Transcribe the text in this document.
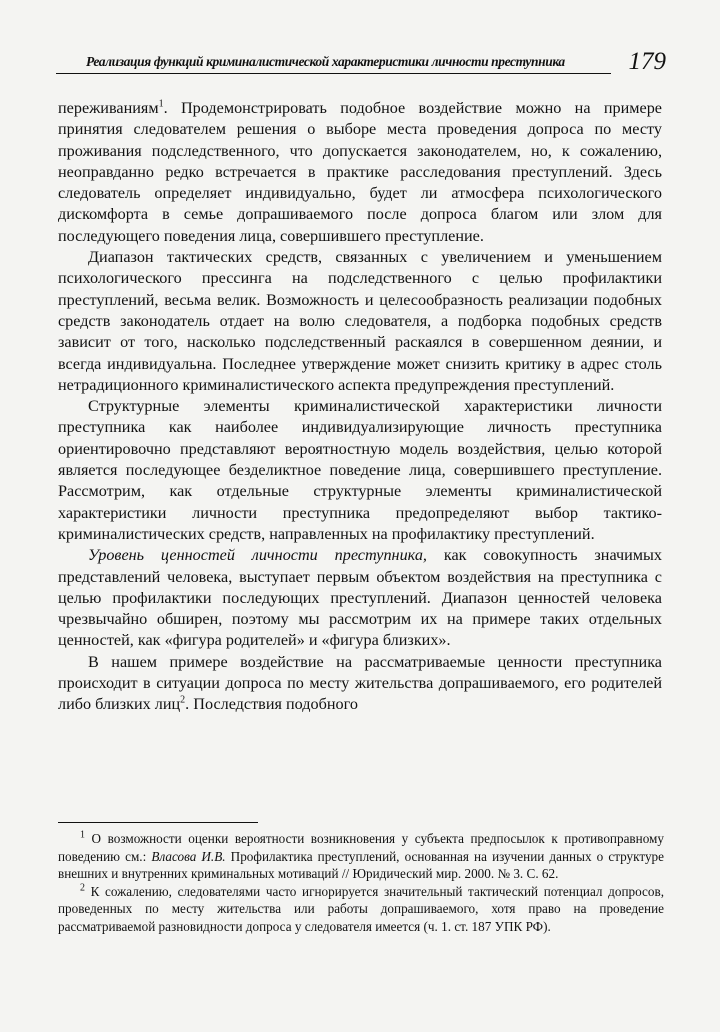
Реализация функций криминалистической характеристики личности преступника	179

переживаниям$^1$. Продемонстрировать подобное воздействие можно на примере принятия следователем решения о выборе места проведения допроса по месту проживания подследственного, что допускается законодателем, но, к сожалению, неоправданно редко встречается в практике расследования преступлений. Здесь следователь определяет индивидуально, будет ли атмосфера психологического дискомфорта в семье допрашиваемого после допроса благом или злом для последующего поведения лица, совершившего преступление.

Диапазон тактических средств, связанных с увеличением и уменьшением психологического прессинга на подследственного с целью профилактики преступлений, весьма велик. Возможность и целесообразность реализации подобных средств законодатель отдает на волю следователя, а подборка подобных средств зависит от того, насколько подследственный раскаялся в совершенном деянии, и всегда индивидуальна. Последнее утверждение может снизить критику в адрес столь нетрадиционного криминалистического аспекта предупреждения преступлений.

Структурные элементы криминалистической характеристики личности преступника как наиболее индивидуализирующие личность преступника ориентировочно представляют вероятностную модель воздействия, целью которой является последующее безделиктное поведение лица, совершившего преступление. Рассмотрим, как отдельные структурные элементы криминалистической характеристики личности преступника предопределяют выбор тактико-криминалистических средств, направленных на профилактику преступлений.

Уровень ценностей личности преступника, как совокупность значимых представлений человека, выступает первым объектом воздействия на преступника с целью профилактики последующих преступлений. Диапазон ценностей человека чрезвычайно обширен, поэтому мы рассмотрим их на примере таких отдельных ценностей, как «фигура родителей» и «фигура близких».

В нашем примере воздействие на рассматриваемые ценности преступника происходит в ситуации допроса по месту жительства допрашиваемого, его родителей либо близких лиц$^2$. Последствия подобного

$^1$ О возможности оценки вероятности возникновения у субъекта предпосылок к противоправному поведению см.: Власова И.В. Профилактика преступлений, основанная на изучении данных о структуре внешних и внутренних криминальных мотиваций // Юридический мир. 2000. № 3. С. 62.

$^2$ К сожалению, следователями часто игнорируется значительный тактический потенциал допросов, проведенных по месту жительства или работы допрашиваемого, хотя право на проведение рассматриваемой разновидности допроса у следователя имеется (ч. 1. ст. 187 УПК РФ).
